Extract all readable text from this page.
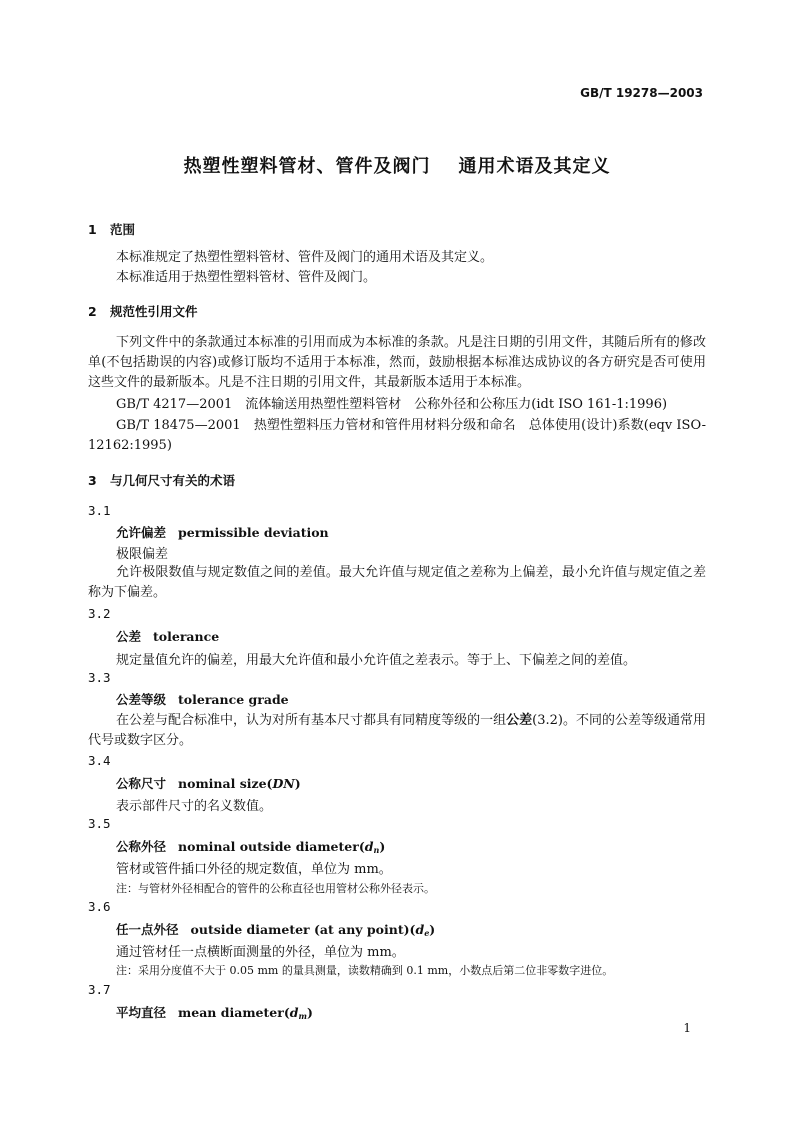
GB/T 19278—2003
热塑性塑料管材、管件及阀门 通用术语及其定义
1 范围
本标准规定了热塑性塑料管材、管件及阀门的通用术语及其定义。
本标准适用于热塑性塑料管材、管件及阀门。
2 规范性引用文件
下列文件中的条款通过本标准的引用而成为本标准的条款。凡是注日期的引用文件，其随后所有的修改单(不包括勘误的内容)或修订版均不适用于本标准，然而，鼓励根据本标准达成协议的各方研究是否可使用这些文件的最新版本。凡是不注日期的引用文件，其最新版本适用于本标准。
GB/T 4217—2001　流体输送用热塑性塑料管材　公称外径和公称压力(idt ISO 161-1:1996)
GB/T 18475—2001　热塑性塑料压力管材和管件用材料分级和命名　总体使用(设计)系数(eqv ISO-12162:1995)
3 与几何尺寸有关的术语
3.1
允许偏差 permissible deviation
极限偏差
允许极限数值与规定数值之间的差值。最大允许值与规定值之差称为上偏差，最小允许值与规定值之差称为下偏差。
3.2
公差 tolerance
规定量值允许的偏差，用最大允许值和最小允许值之差表示。等于上、下偏差之间的差值。
3.3
公差等级 tolerance grade
在公差与配合标准中，认为对所有基本尺寸都具有同精度等级的一组公差(3.2)。不同的公差等级通常用代号或数字区分。
3.4
公称尺寸 nominal size(DN)
表示部件尺寸的名义数值。
3.5
公称外径 nominal outside $diameter(d_n)$
管材或管件插口外径的规定数值，单位为 mm。
注：与管材外径相配合的管件的公称直径也用管材公称外径表示。
3.6
任一点外径 outside diameter (at any $point)(d_e)$
通过管材任一点横断面测量的外径，单位为 mm。
注：采用分度值不大于 0.05 mm 的量具测量，读数精确到 0.1 mm，小数点后第二位非零数字进位。
3.7
平均直径 mean $diameter(d_m)$
1
